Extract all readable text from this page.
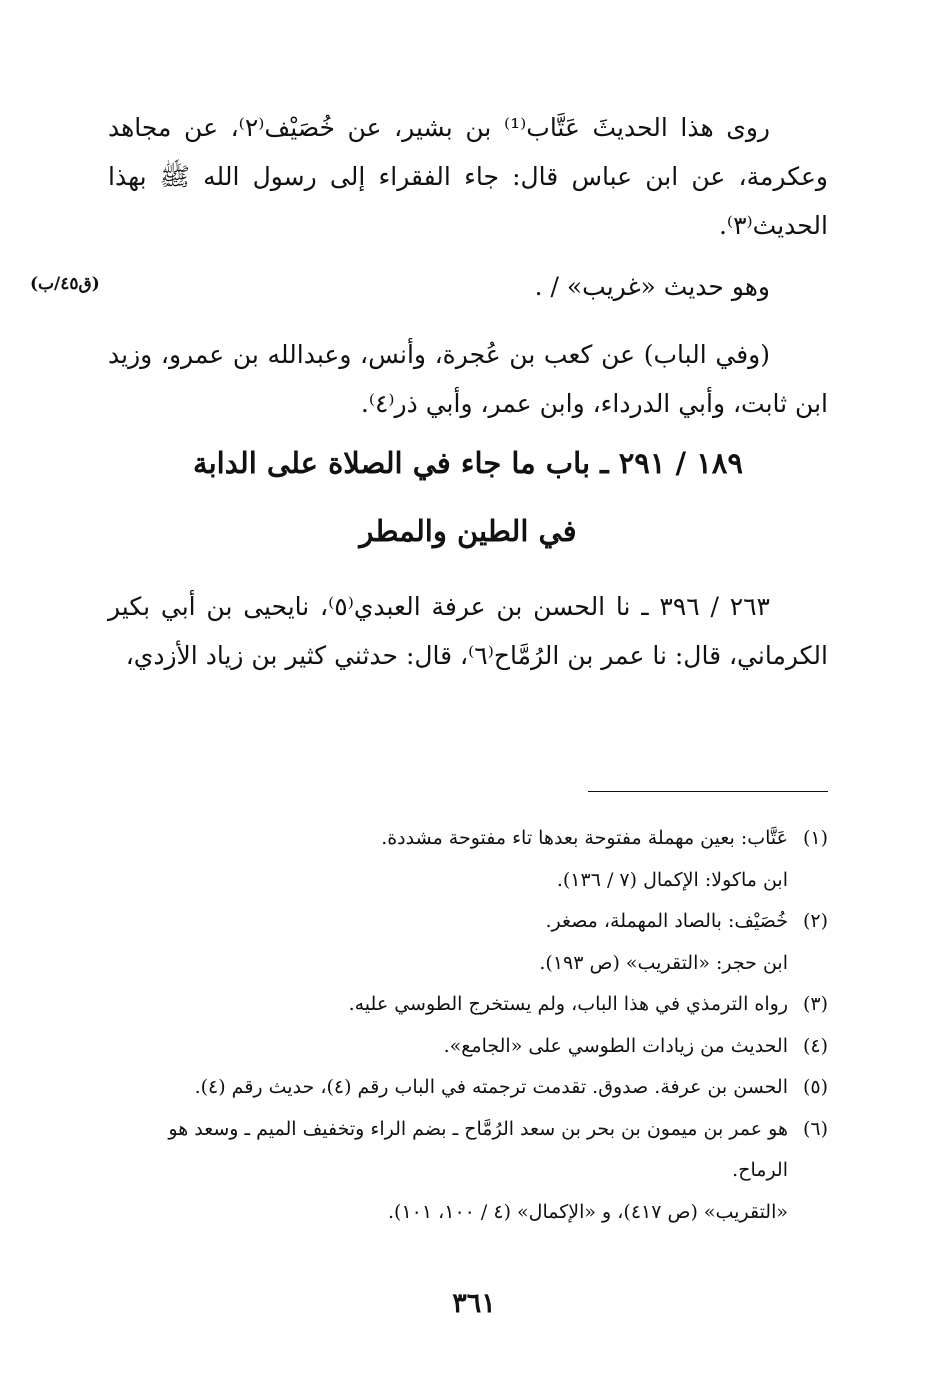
روى هذا الحديثَ عَتَّاب⁽¹⁾ بن بشير، عن خُصَيْف⁽٢⁾، عن مجاهد وعكرمة، عن ابن عباس قال: جاء الفقراء إلى رسول الله ﷺ بهذا الحديث⁽٣⁾.

وهو حديث «غريب» / .

(ق٤٥/ب)

(وفي الباب) عن كعب بن عُجرة، وأنس، وعبدالله بن عمرو، وزيد ابن ثابت، وأبي الدرداء، وابن عمر، وأبي ذر⁽٤⁾.

١٨٩ / ٢٩١ ـ باب ما جاء في الصلاة على الدابة
في الطين والمطر

٢٦٣ / ٣٩٦ ـ نا الحسن بن عرفة العبدي⁽٥⁾، نايحيى بن أبي بكير الكرماني، قال: نا عمر بن الرُمَّاح⁽٦⁾، قال: حدثني كثير بن زياد الأزدي،

(١)
عَتَّاب: بعين مهملة مفتوحة بعدها تاء مفتوحة مشددة.

ابن ماكولا: الإكمال (٧ / ١٣٦).

(٢)
خُصَيْف: بالصاد المهملة، مصغر.

ابن حجر: «التقريب» (ص ١٩٣).

(٣)
رواه الترمذي في هذا الباب، ولم يستخرج الطوسي عليه.

(٤)
الحديث من زيادات الطوسي على «الجامع».

(٥)
الحسن بن عرفة. صدوق. تقدمت ترجمته في الباب رقم (٤)، حديث رقم (٤).

(٦)
هو عمر بن ميمون بن بحر بن سعد الرُمَّاح ـ بضم الراء وتخفيف الميم ـ وسعد هو الرماح.

«التقريب» (ص ٤١٧)، و «الإكمال» (٤ / ١٠٠، ١٠١).

٣٦١
